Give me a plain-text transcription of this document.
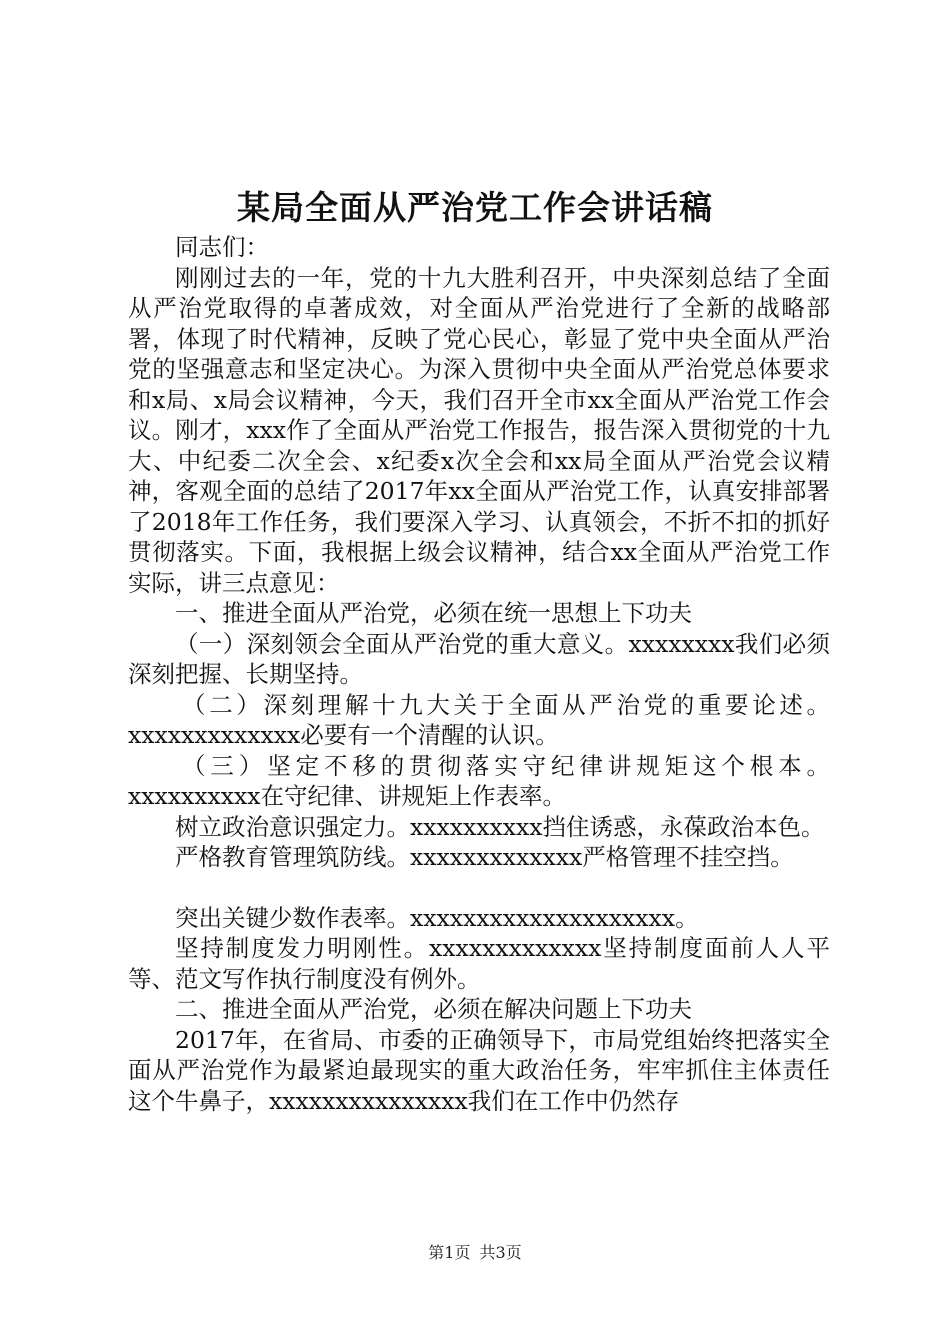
某局全面从严治党工作会讲话稿

同志们：

刚刚过去的一年，党的十九大胜利召开，中央深刻总结了全面从严治党取得的卓著成效，对全面从严治党进行了全新的战略部署，体现了时代精神，反映了党心民心，彰显了党中央全面从严治党的坚强意志和坚定决心。为深入贯彻中央全面从严治党总体要求和x局、x局会议精神，今天，我们召开全市xx全面从严治党工作会议。刚才，xxx作了全面从严治党工作报告，报告深入贯彻党的十九大、中纪委二次全会、x纪委x次全会和xx局全面从严治党会议精神，客观全面的总结了2017年xx全面从严治党工作，认真安排部署了2018年工作任务，我们要深入学习、认真领会，不折不扣的抓好贯彻落实。下面，我根据上级会议精神，结合xx全面从严治党工作实际，讲三点意见：

一、推进全面从严治党，必须在统一思想上下功夫

（一）深刻领会全面从严治党的重大意义。xxxxxxxx我们必须深刻把握、长期坚持。

（二）深刻理解十九大关于全面从严治党的重要论述。xxxxxxxxxxxxx必要有一个清醒的认识。

（三）坚定不移的贯彻落实守纪律讲规矩这个根本。xxxxxxxxxx在守纪律、讲规矩上作表率。

树立政治意识强定力。xxxxxxxxxx挡住诱惑，永葆政治本色。

严格教育管理筑防线。xxxxxxxxxxxxx严格管理不挂空挡。

突出关键少数作表率。xxxxxxxxxxxxxxxxxxxx。

坚持制度发力明刚性。xxxxxxxxxxxxx坚持制度面前人人平等、范文写作执行制度没有例外。

二、推进全面从严治党，必须在解决问题上下功夫

2017年，在省局、市委的正确领导下，市局党组始终把落实全面从严治党作为最紧迫最现实的重大政治任务，牢牢抓住主体责任这个牛鼻子，xxxxxxxxxxxxxxx我们在工作中仍然存

第1页 共3页
